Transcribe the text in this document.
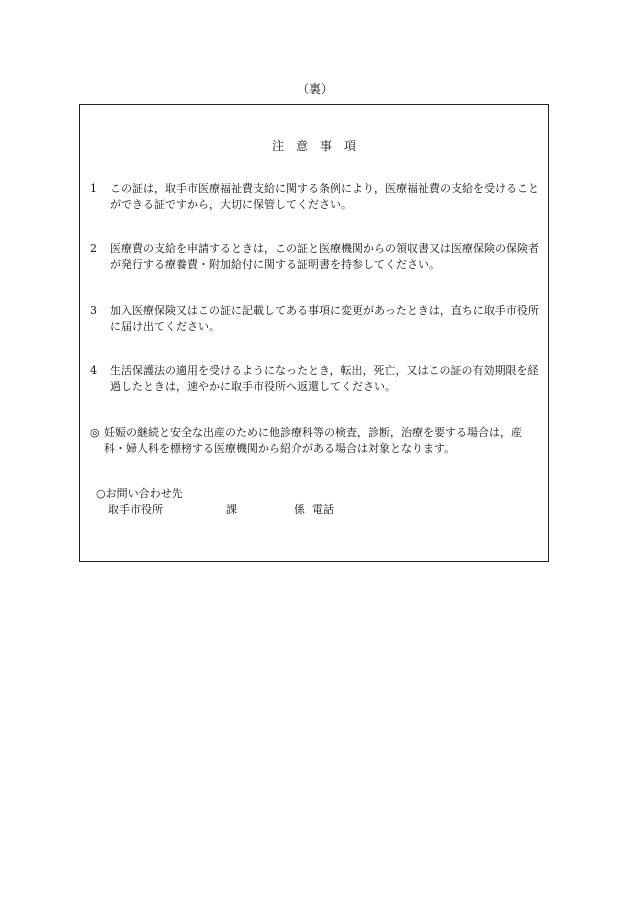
（裏）
注　意　事　項
1	この証は，取手市医療福祉費支給に関する条例により，医療福祉費の支給を受けることができる証ですから，大切に保管してください。
2	医療費の支給を申請するときは，この証と医療機関からの領収書又は医療保険の保険者が発行する療養費・附加給付に関する証明書を持参してください。
3	加入医療保険又はこの証に記載してある事項に変更があったときは，直ちに取手市役所に届け出てください。
4	生活保護法の適用を受けるようになったとき，転出，死亡，又はこの証の有効期限を経過したときは，速やかに取手市役所へ返還してください。
◎ 妊娠の継続と安全な出産のために他診療科等の検査，診断，治療を要する場合は，産科・婦人科を標榜する医療機関から紹介がある場合は対象となります。
○お問い合わせ先
取手市役所	課	係 電話
